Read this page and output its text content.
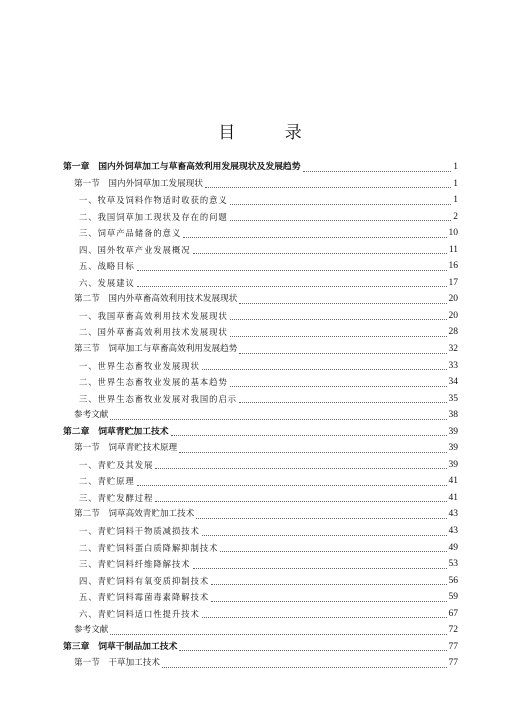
目 录
第一章　国内外饲草加工与草畜高效利用发展现状及发展趋势	1
第一节　国内外饲草加工发展现状	1
一、牧草及饲料作物适时收获的意义	1
二、我国饲草加工现状及存在的问题	2
三、饲草产品储备的意义	10
四、国外牧草产业发展概况	11
五、战略目标	16
六、发展建议	17
第二节　国内外草畜高效利用技术发展现状	20
一、我国草畜高效利用技术发展现状	20
二、国外草畜高效利用技术发展现状	28
第三节　饲草加工与草畜高效利用发展趋势	32
一、世界生态畜牧业发展现状	33
二、世界生态畜牧业发展的基本趋势	34
三、世界生态畜牧业发展对我国的启示	35
参考文献	38
第二章　饲草青贮加工技术	39
第一节　饲草青贮技术原理	39
一、青贮及其发展	39
二、青贮原理	41
三、青贮发酵过程	41
第二节　饲草高效青贮加工技术	43
一、青贮饲料干物质减损技术	43
二、青贮饲料蛋白质降解抑制技术	49
三、青贮饲料纤维降解技术	53
四、青贮饲料有氧变质抑制技术	56
五、青贮饲料霉菌毒素降解技术	59
六、青贮饲料适口性提升技术	67
参考文献	72
第三章　饲草干制品加工技术	77
第一节　干草加工技术	77
